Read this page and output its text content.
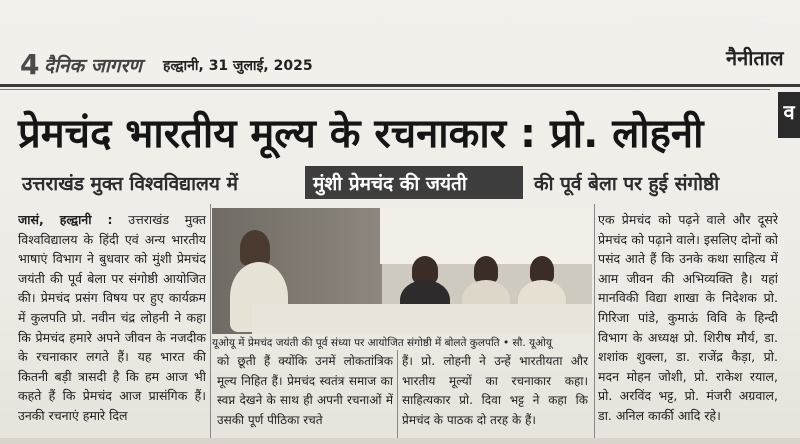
4 दैनिक जागरण हल्द्वानी, 31 जुलाई, 2025	नैनीताल
व
प्रेमचंद भारतीय मूल्य के रचनाकार : प्रो. लोहनी
उत्तराखंड मुक्त विश्वविद्यालय में	मुंशी प्रेमचंद की जयंती	की पूर्व बेला पर हुई संगोष्ठी
जासं, हल्द्वानी : उत्तराखंड मुक्त विश्वविद्यालय के हिंदी एवं अन्य भारतीय भाषाएं विभाग ने बुधवार को मुंशी प्रेमचंद जयंती की पूर्व बेला पर संगोष्ठी आयोजित की। प्रेमचंद प्रसंग विषय पर हुए कार्यक्रम में कुलपति प्रो. नवीन चंद्र लोहनी ने कहा कि प्रेमचंद हमारे अपने जीवन के नजदीक के रचनाकार लगते हैं। यह भारत की कितनी बड़ी त्रासदी है कि हम आज भी कहते हैं कि प्रेमचंद आज प्रासंगिक हैं। उनकी रचनाएं हमारे दिल
यूओयू में प्रेमचंद जयंती की पूर्व संध्या पर आयोजित संगोष्ठी में बोलते कुलपति • सौ. यूओयू
को छूती हैं क्योंकि उनमें लोकतांत्रिक मूल्य निहित हैं। प्रेमचंद स्वतंत्र समाज का स्वप्न देखने के साथ ही अपनी रचनाओं में उसकी पूर्ण पीठिका रचते
हैं। प्रो. लोहनी ने उन्हें भारतीयता और भारतीय मूल्यों का रचनाकार कहा। साहित्यकार प्रो. दिवा भट्ट ने कहा कि प्रेमचंद के पाठक दो तरह के हैं।
एक प्रेमचंद को पढ़ने वाले और दूसरे प्रेमचंद को पढ़ाने वाले। इसलिए दोनों को पसंद आते हैं कि उनके कथा साहित्य में आम जीवन की अभिव्यक्ति है। यहां मानविकी विद्या शाखा के निदेशक प्रो. गिरिजा पांडे, कुमाऊं विवि के हिन्दी विभाग के अध्यक्ष प्रो. शिरीष मौर्य, डा. शशांक शुक्ला, डा. राजेंद्र कैड़ा, प्रो. मदन मोहन जोशी, प्रो. राकेश रयाल, प्रो. अरविंद भट्ट, प्रो. मंजरी अग्रवाल, डा. अनिल कार्की आदि रहे।
